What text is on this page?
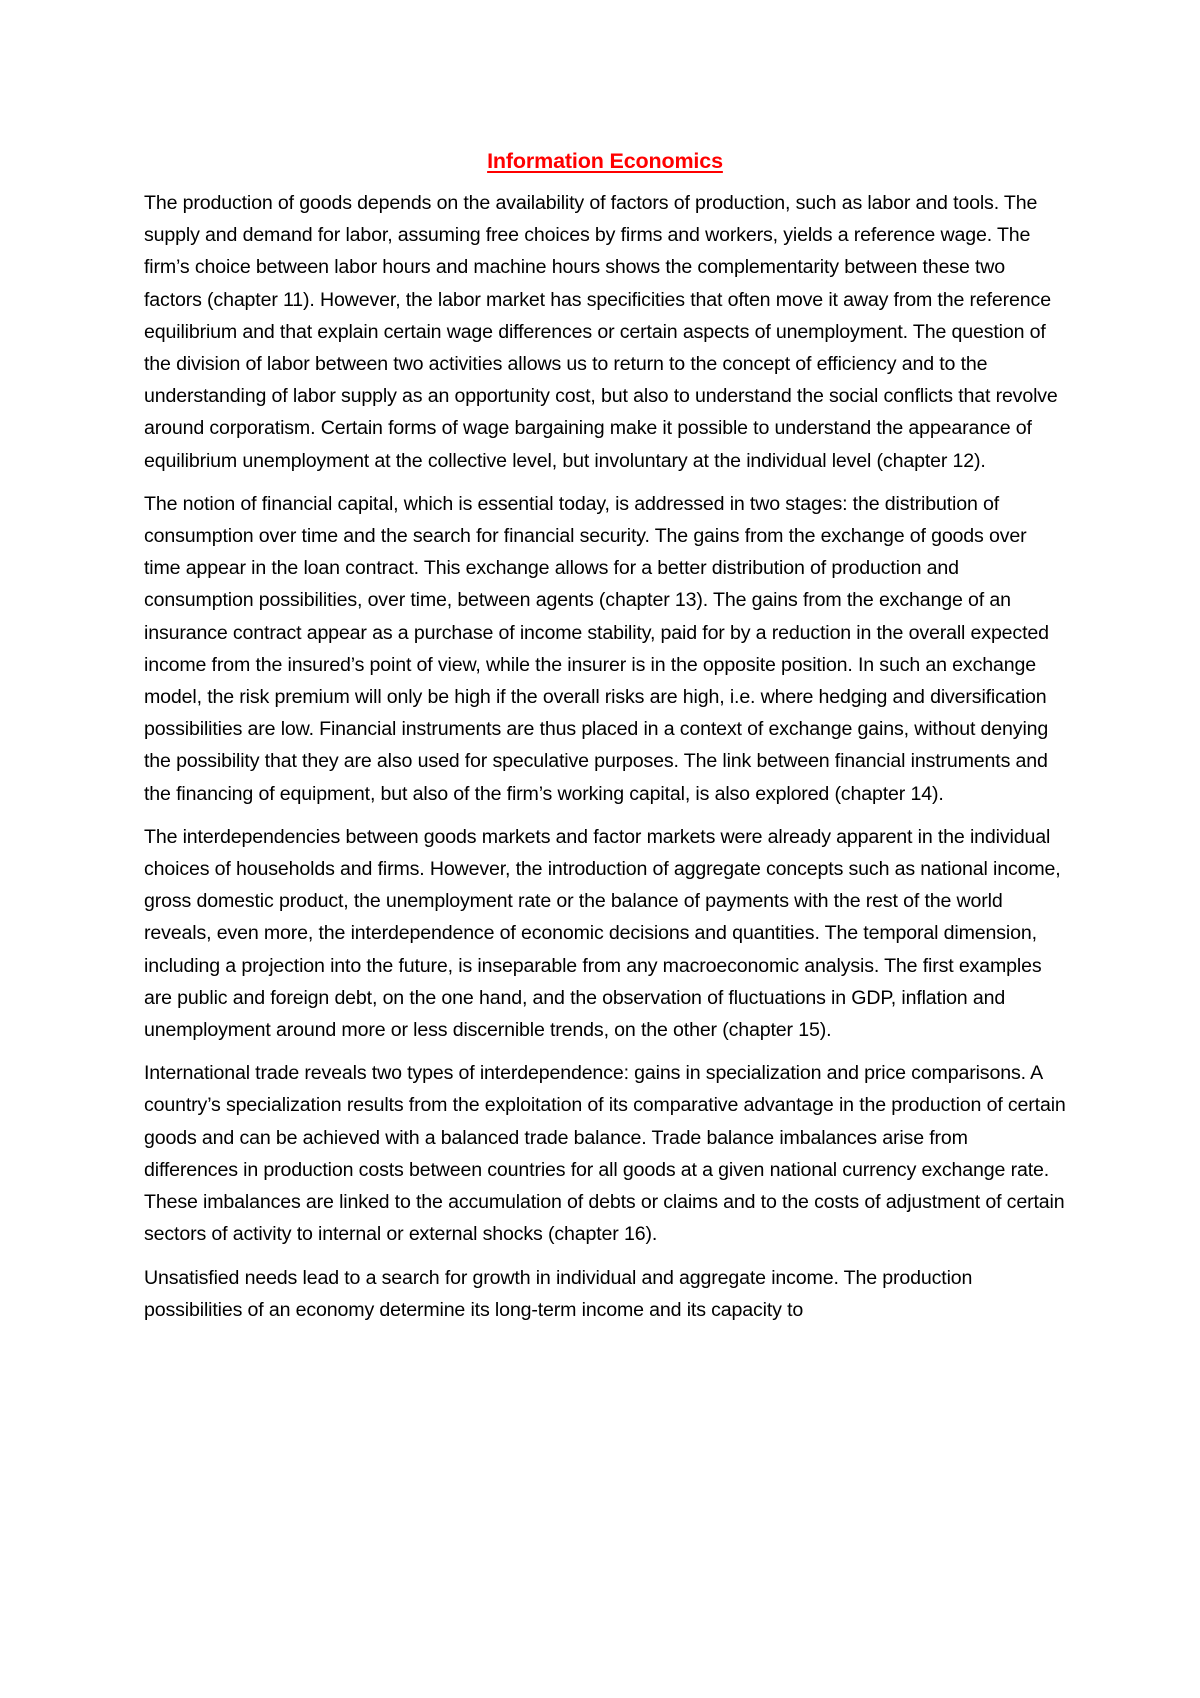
Information Economics

The production of goods depends on the availability of factors of production, such as labor and tools. The supply and demand for labor, assuming free choices by firms and workers, yields a reference wage. The firm’s choice between labor hours and machine hours shows the complementarity between these two factors (chapter 11). However, the labor market has specificities that often move it away from the reference equilibrium and that explain certain wage differences or certain aspects of unemployment. The question of the division of labor between two activities allows us to return to the concept of efficiency and to the understanding of labor supply as an opportunity cost, but also to understand the social conflicts that revolve around corporatism. Certain forms of wage bargaining make it possible to understand the appearance of equilibrium unemployment at the collective level, but involuntary at the individual level (chapter 12).

The notion of financial capital, which is essential today, is addressed in two stages: the distribution of consumption over time and the search for financial security. The gains from the exchange of goods over time appear in the loan contract. This exchange allows for a better distribution of production and consumption possibilities, over time, between agents (chapter 13). The gains from the exchange of an insurance contract appear as a purchase of income stability, paid for by a reduction in the overall expected income from the insured’s point of view, while the insurer is in the opposite position. In such an exchange model, the risk premium will only be high if the overall risks are high, i.e. where hedging and diversification possibilities are low. Financial instruments are thus placed in a context of exchange gains, without denying the possibility that they are also used for speculative purposes. The link between financial instruments and the financing of equipment, but also of the firm’s working capital, is also explored (chapter 14).

The interdependencies between goods markets and factor markets were already apparent in the individual choices of households and firms. However, the introduction of aggregate concepts such as national income, gross domestic product, the unemployment rate or the balance of payments with the rest of the world reveals, even more, the interdependence of economic decisions and quantities. The temporal dimension, including a projection into the future, is inseparable from any macroeconomic analysis. The first examples are public and foreign debt, on the one hand, and the observation of fluctuations in GDP, inflation and unemployment around more or less discernible trends, on the other (chapter 15).

International trade reveals two types of interdependence: gains in specialization and price comparisons. A country’s specialization results from the exploitation of its comparative advantage in the production of certain goods and can be achieved with a balanced trade balance. Trade balance imbalances arise from differences in production costs between countries for all goods at a given national currency exchange rate. These imbalances are linked to the accumulation of debts or claims and to the costs of adjustment of certain sectors of activity to internal or external shocks (chapter 16).

Unsatisfied needs lead to a search for growth in individual and aggregate income. The production possibilities of an economy determine its long-term income and its capacity to
